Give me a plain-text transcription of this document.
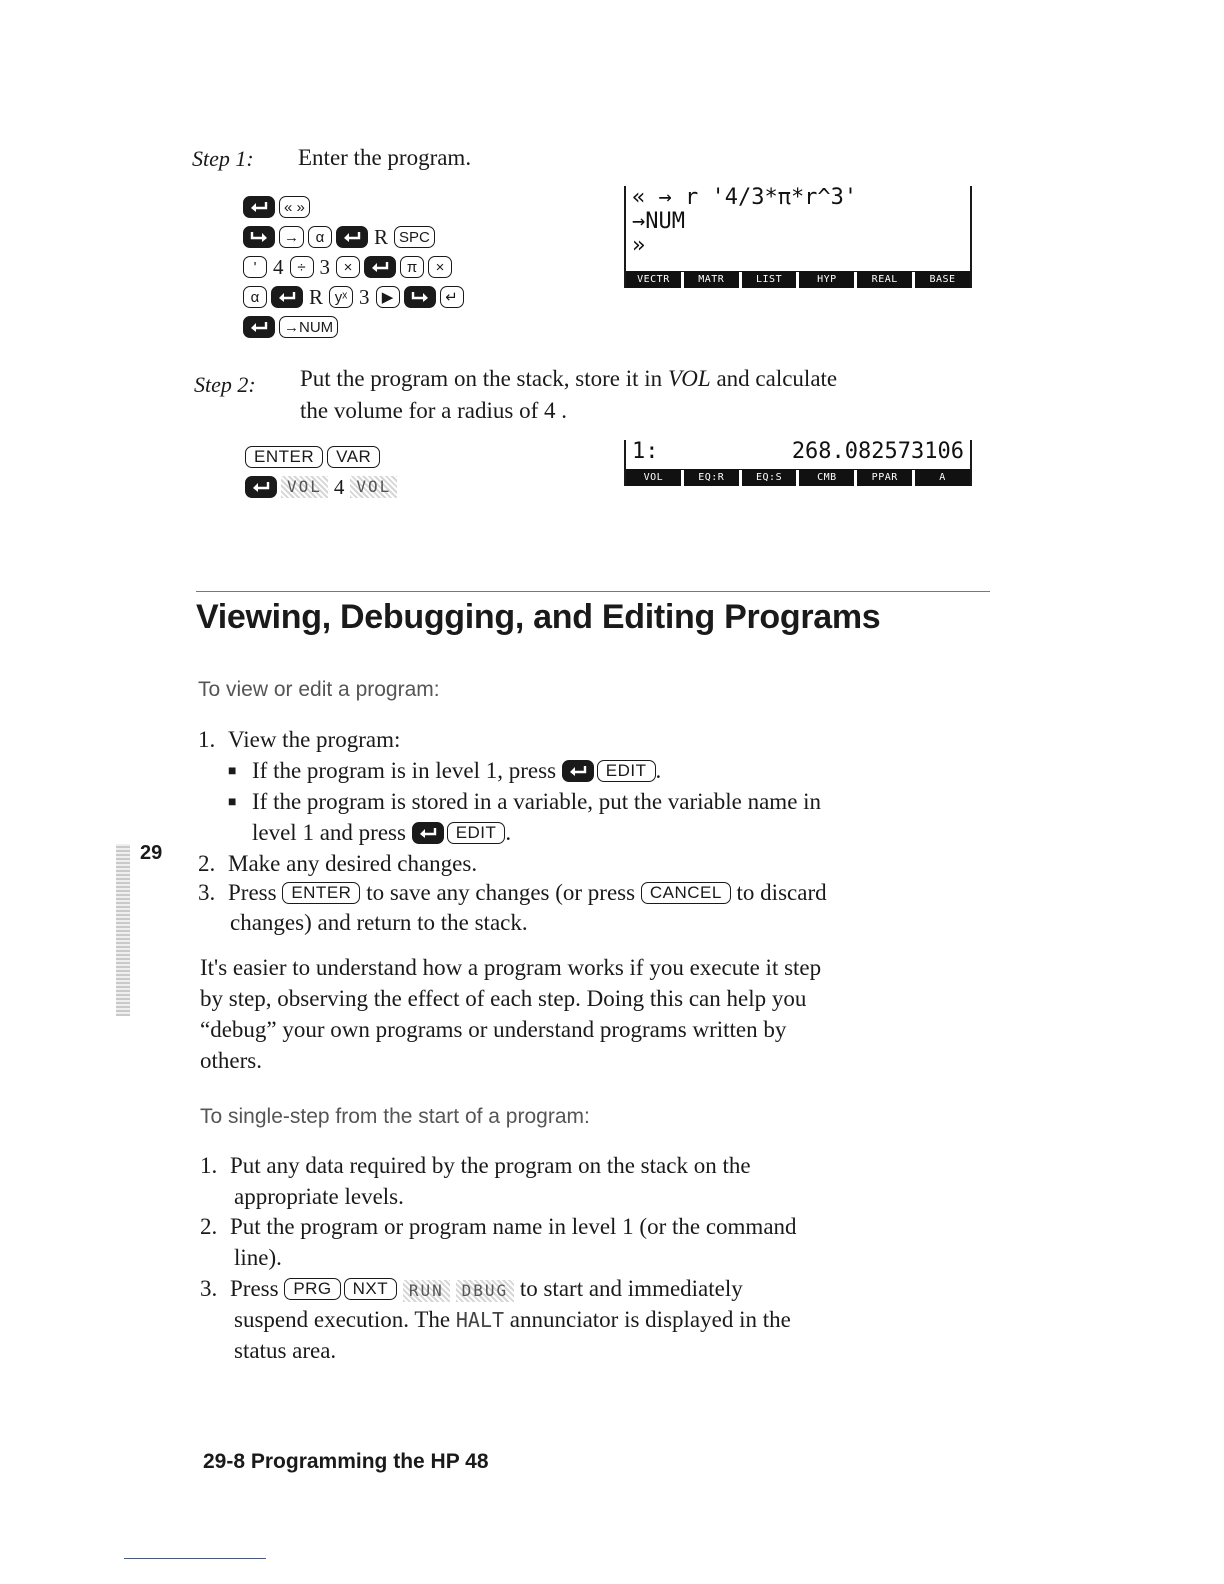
Step 1: Enter the program.
« »
→	α	R SPC
' 4 ÷ 3 ×	π	×
α	R yˣ 3 ▶	↵
→NUM
« → r '4/3*π*r^3'
→NUM
»
VECTR	MATR	LIST	HYP	REAL	BASE
Step 2: Put the program on the stack, store it in VOL and calculate
the volume for a radius of 4 .
ENTER	VAR
VOL 4 VOL
1:	268.082573106
VOL	EQ:R	EQ:S	CMB	PPAR	A
Viewing, Debugging, and Editing Programs
To view or edit a program:
1. View the program:
■ If the program is in level 1, press	EDIT .
■ If the program is stored in a variable, put the variable name in
level 1 and press	EDIT .
29 2. Make any desired changes.
3. Press ENTER to save any changes (or press CANCEL to discard
changes) and return to the stack.
It's easier to understand how a program works if you execute it step
by step, observing the effect of each step. Doing this can help you
“debug” your own programs or understand programs written by
others.
To single-step from the start of a program:
1. Put any data required by the program on the stack on the
appropriate levels.
2. Put the program or program name in level 1 (or the command
line).
3. Press PRG	NXT	RUN DBUG to start and immediately
suspend execution. The HALT annunciator is displayed in the
status area.
29-8 Programming the HP 48
